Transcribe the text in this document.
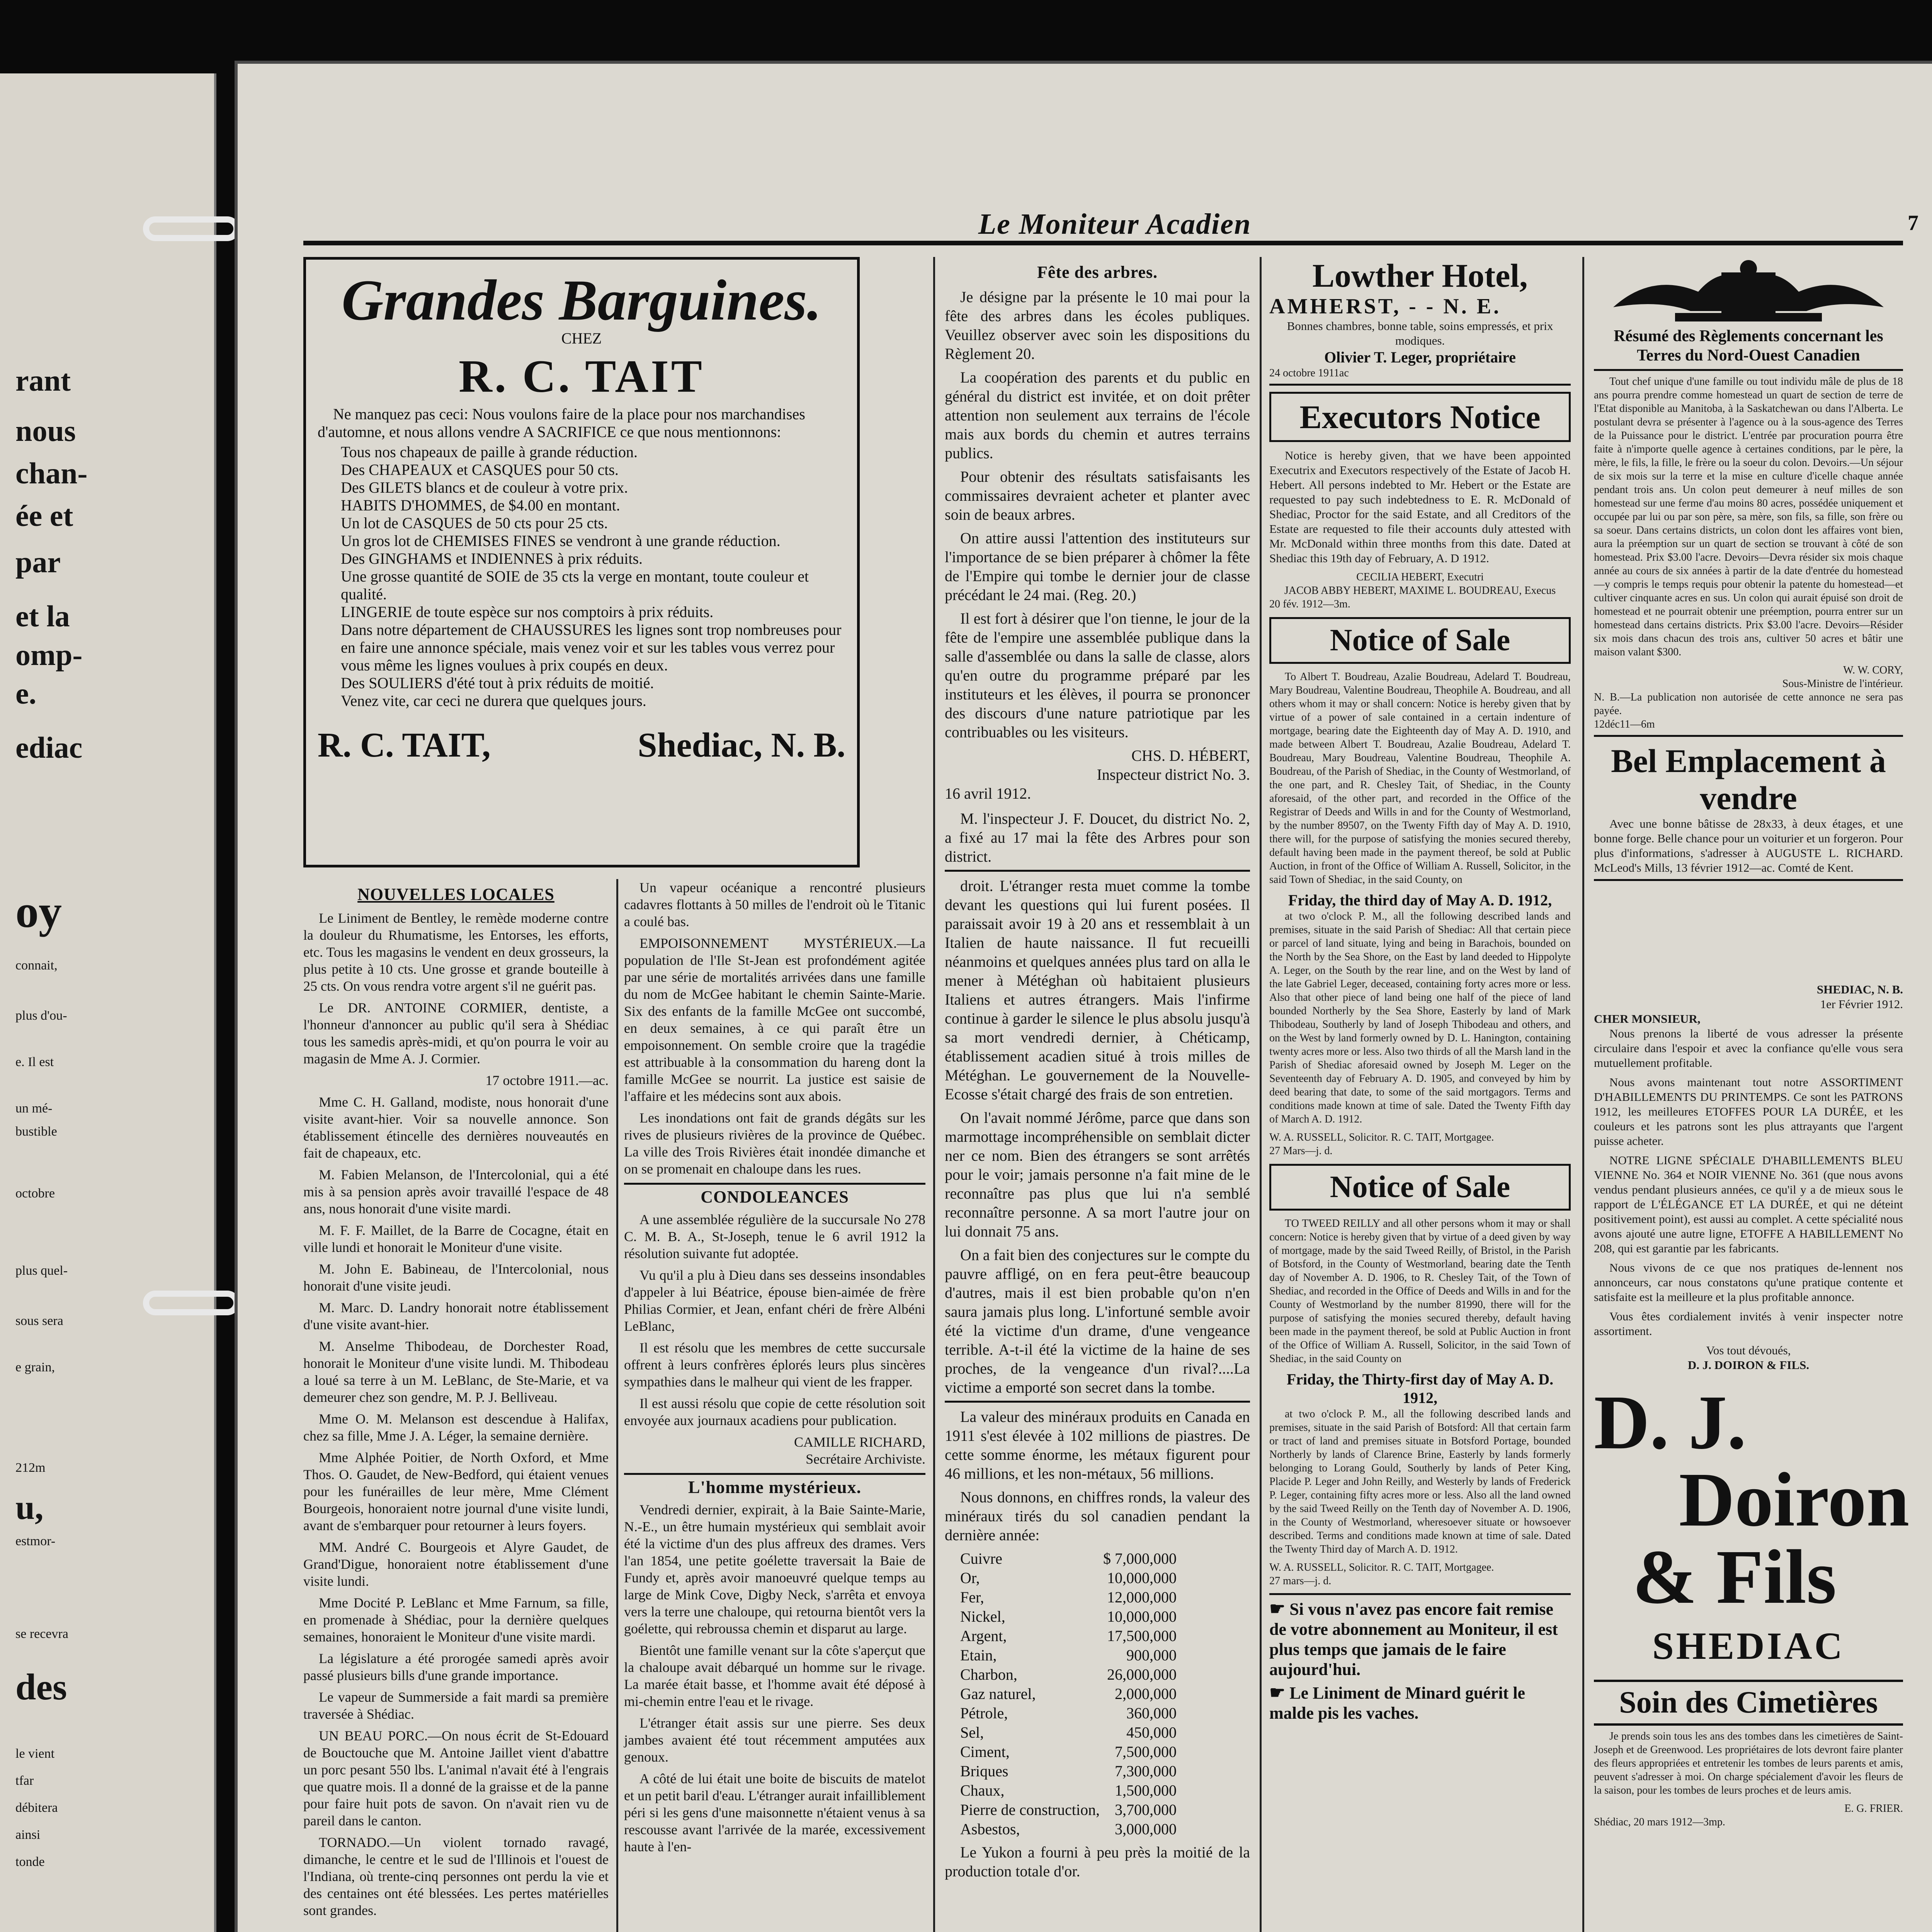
rant
nous
chan-
ée et
par
et la
omp-
e.
ediac
oy
connait,
plus d'ou-
e. Il est
un mé-
bustible
octobre
plus quel-
sous sera
e grain,
212m
u,
estmor-
se recevra
des
le vient
tfar
débitera
ainsi
tonde
Le Moniteur Acadien	7
Grandes Barguines.
CHEZ
R. C. TAIT
Ne manquez pas ceci: Nous voulons faire de la place pour nos marchandises d'automne, et nous allons vendre A SACRIFICE ce que nous mentionnons:
Tous nos chapeaux de paille à grande réduction.
Des CHAPEAUX et CASQUES pour 50 cts.
Des GILETS blancs et de couleur à votre prix.
HABITS D'HOMMES, de $4.00 en montant.
Un lot de CASQUES de 50 cts pour 25 cts.
Un gros lot de CHEMISES FINES se vendront à une grande réduction.
Des GINGHAMS et INDIENNES à prix réduits.
Une grosse quantité de SOIE de 35 cts la verge en montant, toute couleur et qualité.
LINGERIE de toute espèce sur nos comptoirs à prix réduits.
Dans notre département de CHAUSSURES les lignes sont trop nombreuses pour en faire une annonce spéciale, mais venez voir et sur les tables vous verrez pour vous même les lignes voulues à prix coupés en deux.
Des SOULIERS d'été tout à prix réduits de moitié.
Venez vite, car ceci ne durera que quelques jours.
R. C. TAIT,	Shediac, N. B.
NOUVELLES LOCALES

Le Liniment de Bentley, le remède moderne contre la douleur du Rhumatisme, les Entorses, les efforts, etc. Tous les magasins le vendent en deux grosseurs, la plus petite à 10 cts. Une grosse et grande bouteille à 25 cts. On vous rendra votre argent s'il ne guérit pas.

Le DR. ANTOINE CORMIER, dentiste, a l'honneur d'annoncer au public qu'il sera à Shédiac tous les samedis après-midi, et qu'on pourra le voir au magasin de Mme A. J. Cormier.

17 octobre 1911.—ac.

Mme C. H. Galland, modiste, nous honorait d'une visite avant-hier. Voir sa nouvelle annonce. Son établissement étincelle des dernières nouveautés en fait de chapeaux, etc.

M. Fabien Melanson, de l'Intercolonial, qui a été mis à sa pension après avoir travaillé l'espace de 48 ans, nous honorait d'une visite mardi.

M. F. F. Maillet, de la Barre de Cocagne, était en ville lundi et honorait le Moniteur d'une visite.

M. John E. Babineau, de l'Intercolonial, nous honorait d'une visite jeudi.

M. Marc. D. Landry honorait notre établissement d'une visite avant-hier.

M. Anselme Thibodeau, de Dorchester Road, honorait le Moniteur d'une visite lundi. M. Thibodeau a loué sa terre à un M. LeBlanc, de Ste-Marie, et va demeurer chez son gendre, M. P. J. Belliveau.

Mme O. M. Melanson est descendue à Halifax, chez sa fille, Mme J. A. Léger, la semaine dernière.

Mme Alphée Poitier, de North Oxford, et Mme Thos. O. Gaudet, de New-Bedford, qui étaient venues pour les funérailles de leur mère, Mme Clément Bourgeois, honoraient notre journal d'une visite lundi, avant de s'embarquer pour retourner à leurs foyers.

MM. André C. Bourgeois et Alyre Gaudet, de Grand'Digue, honoraient notre établissement d'une visite lundi.

Mme Docité P. LeBlanc et Mme Farnum, sa fille, en promenade à Shédiac, pour la dernière quelques semaines, honoraient le Moniteur d'une visite mardi.

La législature a été prorogée samedi après avoir passé plusieurs bills d'une grande importance.

Le vapeur de Summerside a fait mardi sa première traversée à Shédiac.

UN BEAU PORC.—On nous écrit de St-Edouard de Bouctouche que M. Antoine Jaillet vient d'abattre un porc pesant 550 lbs. L'animal n'avait été à l'engrais que quatre mois. Il a donné de la graisse et de la panne pour faire huit pots de savon. On n'avait rien vu de pareil dans le canton.

TORNADO.—Un violent tornado ravagé, dimanche, le centre et le sud de l'Illinois et l'ouest de l'Indiana, où trente-cinq personnes ont perdu la vie et des centaines ont été blessées. Les pertes matérielles sont grandes.

Un vapeur océanique a rencontré plusieurs cadavres flottants à 50 milles de l'endroit où le Titanic a coulé bas.

EMPOISONNEMENT MYSTÉRIEUX.—La population de l'Ile St-Jean est profondément agitée par une série de mortalités arrivées dans une famille du nom de McGee habitant le chemin Sainte-Marie. Six des enfants de la famille McGee ont succombé, en deux semaines, à ce qui paraît être un empoisonnement. On semble croire que la tragédie est attribuable à la consommation du hareng dont la famille McGee se nourrit. La justice est saisie de l'affaire et les médecins sont aux abois.

Les inondations ont fait de grands dégâts sur les rives de plusieurs rivières de la province de Québec. La ville des Trois Rivières était inondée dimanche et on se promenait en chaloupe dans les rues.

CONDOLEANCES

A une assemblée régulière de la succursale No 278 C. M. B. A., St-Joseph, tenue le 6 avril 1912 la résolution suivante fut adoptée.

Vu qu'il a plu à Dieu dans ses desseins insondables d'appeler à lui Béatrice, épouse bien-aimée de frère Philias Cormier, et Jean, enfant chéri de frère Albéni LeBlanc,

Il est résolu que les membres de cette succursale offrent à leurs confrères éplorés leurs plus sincères sympathies dans le malheur qui vient de les frapper.

Il est aussi résolu que copie de cette résolution soit envoyée aux journaux acadiens pour publication.

CAMILLE RICHARD,

Secrétaire Archiviste.

L'homme mystérieux.

Vendredi dernier, expirait, à la Baie Sainte-Marie, N.-E., un être humain mystérieux qui semblait avoir été la victime d'un des plus affreux des drames. Vers l'an 1854, une petite goélette traversait la Baie de Fundy et, après avoir manoeuvré quelque temps au large de Mink Cove, Digby Neck, s'arrêta et envoya vers la terre une chaloupe, qui retourna bientôt vers la goélette, qui rebroussa chemin et disparut au large.

Bientôt une famille venant sur la côte s'aperçut que la chaloupe avait débarqué un homme sur le rivage. La marée était basse, et l'homme avait été déposé à mi-chemin entre l'eau et le rivage.

L'étranger était assis sur une pierre. Ses deux jambes avaient été tout récemment amputées aux genoux.

A côté de lui était une boite de biscuits de matelot et un petit baril d'eau. L'étranger aurait infailliblement péri si les gens d'une maisonnette n'étaient venus à sa rescousse avant l'arrivée de la marée, excessivement haute à l'en-

Fête des arbres.

Je désigne par la présente le 10 mai pour la fête des arbres dans les écoles publiques. Veuillez observer avec soin les dispositions du Règlement 20.

La coopération des parents et du public en général du district est invitée, et on doit prêter attention non seulement aux terrains de l'école mais aux bords du chemin et autres terrains publics.

Pour obtenir des résultats satisfaisants les commissaires devraient acheter et planter avec soin de beaux arbres.

On attire aussi l'attention des instituteurs sur l'importance de se bien préparer à chômer la fête de l'Empire qui tombe le dernier jour de classe précédant le 24 mai. (Reg. 20.)

Il est fort à désirer que l'on tienne, le jour de la fête de l'empire une assemblée publique dans la salle d'assemblée ou dans la salle de classe, alors qu'en outre du programme préparé par les instituteurs et les élèves, il pourra se prononcer des discours d'une nature patriotique par les contribuables ou les visiteurs.

CHS. D. HÉBERT,

Inspecteur district No. 3.

16 avril 1912.

M. l'inspecteur J. F. Doucet, du district No. 2, a fixé au 17 mai la fête des Arbres pour son district.

droit. L'étranger resta muet comme la tombe devant les questions qui lui furent posées. Il paraissait avoir 19 à 20 ans et ressemblait à un Italien de haute naissance. Il fut recueilli néanmoins et quelques années plus tard on alla le mener à Météghan où habitaient plusieurs Italiens et autres étrangers. Mais l'infirme continue à garder le silence le plus absolu jusqu'à sa mort vendredi dernier, à Chéticamp, établissement acadien situé à trois milles de Météghan. Le gouvernement de la Nouvelle-Ecosse s'était chargé des frais de son entretien.

On l'avait nommé Jérôme, parce que dans son marmottage incompréhensible on semblait dicter ner ce nom. Bien des étrangers se sont arrêtés pour le voir; jamais personne n'a fait mine de le reconnaître pas plus que lui n'a semblé reconnaître personne. A sa mort l'autre jour on lui donnait 75 ans.

On a fait bien des conjectures sur le compte du pauvre affligé, on en fera peut-être beaucoup d'autres, mais il est bien probable qu'on n'en saura jamais plus long. L'infortuné semble avoir été la victime d'un drame, d'une vengeance terrible. A-t-il été la victime de la haine de ses proches, de la vengeance d'un rival?....La victime a emporté son secret dans la tombe.

La valeur des minéraux produits en Canada en 1911 s'est élevée à 102 millions de piastres. De cette somme énorme, les métaux figurent pour 46 millions, et les non-métaux, 56 millions.

Nous donnons, en chiffres ronds, la valeur des minéraux tirés du sol canadien pendant la dernière année:

Cuivre	$ 7,000,000
Or,	10,000,000
Fer,	12,000,000
Nickel,	10,000,000
Argent,	17,500,000
Etain,	900,000
Charbon,	26,000,000
Gaz naturel,	2,000,000
Pétrole,	360,000
Sel,	450,000
Ciment,	7,500,000
Briques	7,300,000
Chaux,	1,500,000
Pierre de construction, 3,700,000
Asbestos,	3,000,000

Le Yukon a fourni à peu près la moitié de la production totale d'or.

Lowther Hotel,
AMHERST, - - N. E.
Bonnes chambres, bonne table, soins empressés, et prix modiques.
Olivier T. Leger, propriétaire
24 octobre 1911ac
Executors Notice
Notice is hereby given, that we have been appointed Executrix and Executors respectively of the Estate of Jacob H. Hebert. All persons indebted to Mr. Hebert or the Estate are requested to pay such indebtedness to E. R. McDonald of Shediac, Proctor for the said Estate, and all Creditors of the Estate are requested to file their accounts duly attested with Mr. McDonald within three months from this date. Dated at Shediac this 19th day of February, A. D 1912.
CECILIA HEBERT, Executri
JACOB ABBY HEBERT, MAXIME L. BOUDREAU, Execus
20 fév. 1912—3m.
Notice of Sale
To Albert T. Boudreau, Azalie Boudreau, Adelard T. Boudreau, Mary Boudreau, Valentine Boudreau, Theophile A. Boudreau, and all others whom it may or shall concern: Notice is hereby given that by virtue of a power of sale contained in a certain indenture of mortgage, bearing date the Eighteenth day of May A. D. 1910, and made between Albert T. Boudreau, Azalie Boudreau, Adelard T. Boudreau, Mary Boudreau, Valentine Boudreau, Theophile A. Boudreau, of the Parish of Shediac, in the County of Westmorland, of the one part, and R. Chesley Tait, of Shediac, in the County aforesaid, of the other part, and recorded in the Office of the Registrar of Deeds and Wills in and for the County of Westmorland, by the number 89507, on the Twenty Fifth day of May A. D. 1910, there will, for the purpose of satisfying the monies secured thereby, default having been made in the payment thereof, be sold at Public Auction, in front of the Office of William A. Russell, Solicitor, in the said Town of Shediac, in the said County, on
Friday, the third day of May A. D. 1912,
at two o'clock P. M., all the following described lands and premises, situate in the said Parish of Shediac: All that certain piece or parcel of land situate, lying and being in Barachois, bounded on the North by the Sea Shore, on the East by land deeded to Hippolyte A. Leger, on the South by the rear line, and on the West by land of the late Gabriel Leger, deceased, containing forty acres more or less. Also that other piece of land being one half of the piece of land bounded Northerly by the Sea Shore, Easterly by land of Mark Thibodeau, Southerly by land of Joseph Thibodeau and others, and on the West by land formerly owned by D. L. Hanington, containing twenty acres more or less. Also two thirds of all the Marsh land in the Parish of Shediac aforesaid owned by Joseph M. Leger on the Seventeenth day of February A. D. 1905, and conveyed by him by deed bearing that date, to some of the said mortgagors. Terms and conditions made known at time of sale. Dated the Twenty Fifth day of March A. D. 1912.
W. A. RUSSELL, Solicitor. R. C. TAIT, Mortgagee.
27 Mars—j. d.
Notice of Sale
TO TWEED REILLY and all other persons whom it may or shall concern: Notice is hereby given that by virtue of a deed given by way of mortgage, made by the said Tweed Reilly, of Bristol, in the Parish of Botsford, in the County of Westmorland, bearing date the Tenth day of November A. D. 1906, to R. Chesley Tait, of the Town of Shediac, and recorded in the Office of Deeds and Wills in and for the County of Westmorland by the number 81990, there will for the purpose of satisfying the monies secured thereby, default having been made in the payment thereof, be sold at Public Auction in front of the Office of William A. Russell, Solicitor, in the said Town of Shediac, in the said County on
Friday, the Thirty-first day of May A. D. 1912,
at two o'clock P. M., all the following described lands and premises, situate in the said Parish of Botsford: All that certain farm or tract of land and premises situate in Botsford Portage, bounded Northerly by lands of Clarence Brine, Easterly by lands formerly belonging to Lorang Gould, Southerly by lands of Peter King, Placide P. Leger and John Reilly, and Westerly by lands of Frederick P. Leger, containing fifty acres more or less. Also all the land owned by the said Tweed Reilly on the Tenth day of November A. D. 1906, in the County of Westmorland, wheresoever situate or howsoever described. Terms and conditions made known at time of sale. Dated the Twenty Third day of March A. D. 1912.
W. A. RUSSELL, Solicitor. R. C. TAIT, Mortgagee.
27 mars—j. d.
☛ Si vous n'avez pas encore fait remise de votre abonnement au Moniteur, il est plus temps que jamais de le faire aujourd'hui.
☛ Le Liniment de Minard guérit le malde pis les vaches.
Résumé des Règlements concernant les Terres du Nord-Ouest Canadien
Tout chef unique d'une famille ou tout individu mâle de plus de 18 ans pourra prendre comme homestead un quart de section de terre de l'Etat disponible au Manitoba, à la Saskatchewan ou dans l'Alberta. Le postulant devra se présenter à l'agence ou à la sous-agence des Terres de la Puissance pour le district. L'entrée par procuration pourra être faite à n'importe quelle agence à certaines conditions, par le père, la mère, le fils, la fille, le frère ou la soeur du colon. Devoirs.—Un séjour de six mois sur la terre et la mise en culture d'icelle chaque année pendant trois ans. Un colon peut demeurer à neuf milles de son homestead sur une ferme d'au moins 80 acres, possédée uniquement et occupée par lui ou par son père, sa mère, son fils, sa fille, son frère ou sa soeur. Dans certains districts, un colon dont les affaires vont bien, aura la préemption sur un quart de section se trouvant à côté de son homestead. Prix $3.00 l'acre. Devoirs—Devra résider six mois chaque année au cours de six années à partir de la date d'entrée du homestead—y compris le temps requis pour obtenir la patente du homestead—et cultiver cinquante acres en sus. Un colon qui aurait épuisé son droit de homestead et ne pourrait obtenir une préemption, pourra entrer sur un homestead dans certains districts. Prix $3.00 l'acre. Devoirs—Résider six mois dans chacun des trois ans, cultiver 50 acres et bâtir une maison valant $300.
W. W. CORY,
Sous-Ministre de l'intérieur.
N. B.—La publication non autorisée de cette annonce ne sera pas payée.
12déc11—6m
Bel Emplacement à vendre
Avec une bonne bâtisse de 28x33, à deux étages, et une bonne forge. Belle chance pour un voiturier et un forgeron. Pour plus d'informations, s'adresser à AUGUSTE L. RICHARD. McLeod's Mills, 13 février 1912—ac. Comté de Kent.
SHEDIAC, N. B.
1er Février 1912.
CHER MONSIEUR,
Nous prenons la liberté de vous adresser la présente circulaire dans l'espoir et avec la confiance qu'elle vous sera mutuellement profitable.
Nous avons maintenant tout notre ASSORTIMENT D'HABILLEMENTS DU PRINTEMPS. Ce sont les PATRONS 1912, les meilleures ETOFFES POUR LA DURÉE, et les couleurs et les patrons sont les plus attrayants que l'argent puisse acheter.
NOTRE LIGNE SPÉCIALE D'HABILLEMENTS BLEU VIENNE No. 364 et NOIR VIENNE No. 361 (que nous avons vendus pendant plusieurs années, ce qu'il y a de mieux sous le rapport de L'ÉLÉGANCE ET LA DURÉE, et qui ne déteint positivement point), est aussi au complet. A cette spécialité nous avons ajouté une autre ligne, ETOFFE A HABILLEMENT No 208, qui est garantie par les fabricants.
Nous vivons de ce que nos pratiques de-lennent nos annonceurs, car nous constatons qu'une pratique contente et satisfaite est la meilleure et la plus profitable annonce.
Vous êtes cordialement invités à venir inspecter notre assortiment.
Vos tout dévoués,
D. J. DOIRON & FILS.
D. J.
Doiron
& Fils
SHEDIAC
Soin des Cimetières
Je prends soin tous les ans des tombes dans les cimetières de Saint-Joseph et de Greenwood. Les propriétaires de lots devront faire planter des fleurs appropriées et entretenir les tombes de leurs parents et amis, peuvent s'adresser à moi. On charge spécialement d'avoir les fleurs de la saison, pour les tombes de leurs proches et de leurs amis.
E. G. FRIER.
Shédiac, 20 mars 1912—3mp.
